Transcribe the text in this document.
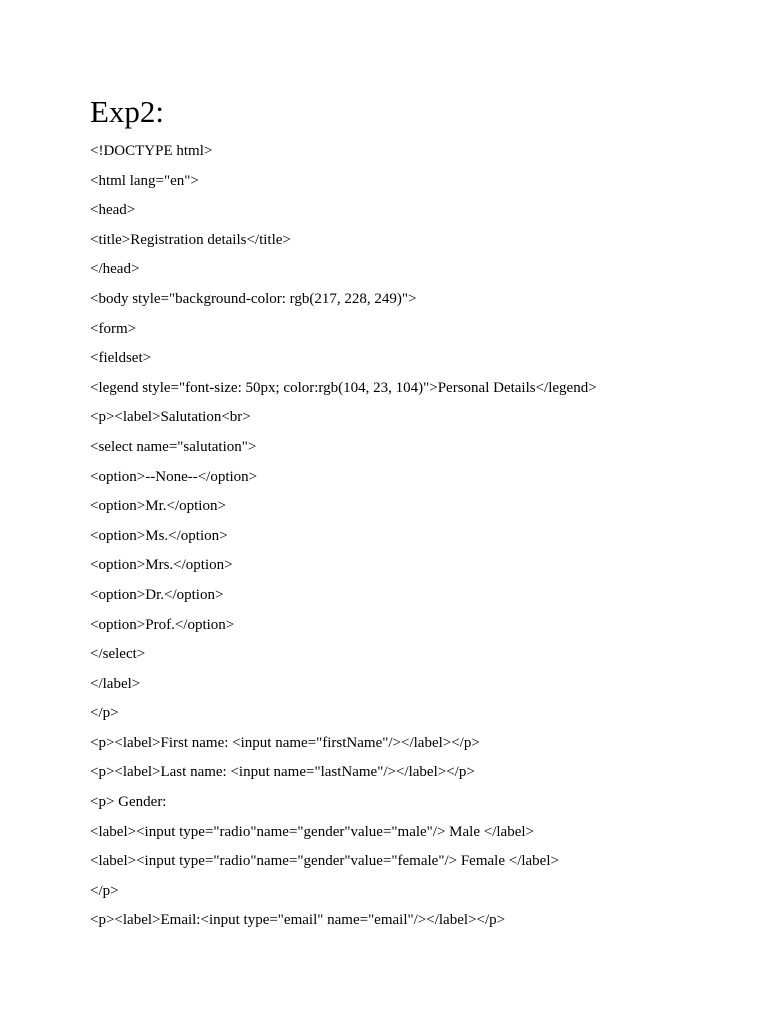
Exp2:
<!DOCTYPE html>
<html lang="en">
<head>
<title>Registration details</title>
</head>
<body style="background-color: rgb(217, 228, 249)">
<form>
<fieldset>
<legend style="font-size: 50px; color:rgb(104, 23, 104)">Personal Details</legend>
<p><label>Salutation<br>
<select name="salutation">
<option>--None--</option>
<option>Mr.</option>
<option>Ms.</option>
<option>Mrs.</option>
<option>Dr.</option>
<option>Prof.</option>
</select>
</label>
</p>
<p><label>First name: <input name="firstName"/></label></p>
<p><label>Last name: <input name="lastName"/></label></p>
<p> Gender:
<label><input type="radio"name="gender"value="male"/> Male </label>
<label><input type="radio"name="gender"value="female"/> Female </label>
</p>
<p><label>Email:<input type="email" name="email"/></label></p>
